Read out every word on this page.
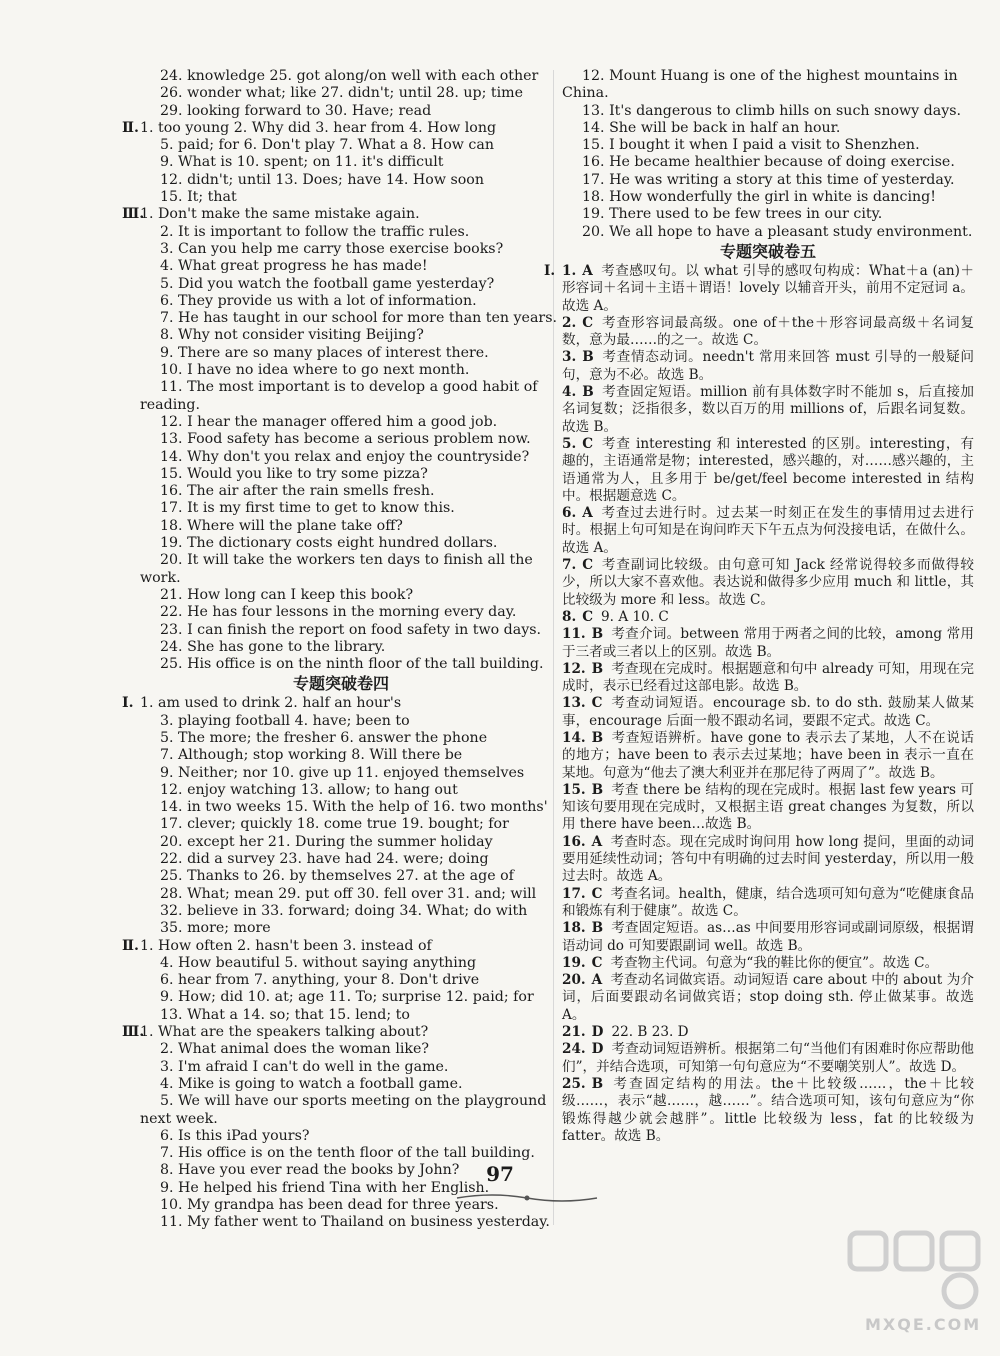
24. knowledge 25. got along/on well with each other
26. wonder what; like 27. didn't; until 28. up; time
29. looking forward to 30. Have; read
Ⅱ.1. too young 2. Why did 3. hear from 4. How long
5. paid; for 6. Don't play 7. What a 8. How can
9. What is 10. spent; on 11. it's difficult
12. didn't; until 13. Does; have 14. How soon
15. It; that
Ⅲ.1. Don't make the same mistake again.
2. It is important to follow the traffic rules.
3. Can you help me carry those exercise books?
4. What great progress he has made!
5. Did you watch the football game yesterday?
6. They provide us with a lot of information.
7. He has taught in our school for more than ten years.
8. Why not consider visiting Beijing?
9. There are so many places of interest there.
10. I have no idea where to go next month.
11. The most important is to develop a good habit of
reading.
12. I hear the manager offered him a good job.
13. Food safety has become a serious problem now.
14. Why don't you relax and enjoy the countryside?
15. Would you like to try some pizza?
16. The air after the rain smells fresh.
17. It is my first time to get to know this.
18. Where will the plane take off?
19. The dictionary costs eight hundred dollars.
20. It will take the workers ten days to finish all the
work.
21. How long can I keep this book?
22. He has four lessons in the morning every day.
23. I can finish the report on food safety in two days.
24. She has gone to the library.
25. His office is on the ninth floor of the tall building.
专题突破卷四
Ⅰ. 1. am used to drink 2. half an hour's
3. playing football 4. have; been to
5. The more; the fresher 6. answer the phone
7. Although; stop working 8. Will there be
9. Neither; nor 10. give up 11. enjoyed themselves
12. enjoy watching 13. allow; to hang out
14. in two weeks 15. With the help of 16. two months'
17. clever; quickly 18. come true 19. bought; for
20. except her 21. During the summer holiday
22. did a survey 23. have had 24. were; doing
25. Thanks to 26. by themselves 27. at the age of
28. What; mean 29. put off 30. fell over 31. and; will
32. believe in 33. forward; doing 34. What; do with
35. more; more
Ⅱ.1. How often 2. hasn't been 3. instead of
4. How beautiful 5. without saying anything
6. hear from 7. anything, your 8. Don't drive
9. How; did 10. at; age 11. To; surprise 12. paid; for
13. What a 14. so; that 15. lend; to
Ⅲ.1. What are the speakers talking about?
2. What animal does the woman like?
3. I'm afraid I can't do well in the game.
4. Mike is going to watch a football game.
5. We will have our sports meeting on the playground
next week.
6. Is this iPad yours?
7. His office is on the tenth floor of the tall building.
8. Have you ever read the books by John?
9. He helped his friend Tina with her English.
10. My grandpa has been dead for three years.
11. My father went to Thailand on business yesterday.
12. Mount Huang is one of the highest mountains in
China.
13. It's dangerous to climb hills on such snowy days.
14. She will be back in half an hour.
15. I bought it when I paid a visit to Shenzhen.
16. He became healthier because of doing exercise.
17. He was writing a story at this time of yesterday.
18. How wonderfully the girl in white is dancing!
19. There used to be few trees in our city.
20. We all hope to have a pleasant study environment.
专题突破卷五
Ⅰ. 1. A 考查感叹句。以 what 引导的感叹句构成：What＋a (an)＋形容词＋名词＋主语＋谓语！lovely 以辅音开头，前用不定冠词 a。故选 A。
2. C 考查形容词最高级。one of＋the＋形容词最高级＋名词复数，意为最……的之一。故选 C。
3. B 考查情态动词。needn't 常用来回答 must 引导的一般疑问句，意为不必。故选 B。
4. B 考查固定短语。million 前有具体数字时不能加 s，后直接加名词复数；泛指很多，数以百万的用 millions of，后跟名词复数。故选 B。
5. C 考查 interesting 和 interested 的区别。interesting，有趣的，主语通常是物；interested，感兴趣的，对……感兴趣的，主语通常为人，且多用于 be/get/feel become interested in 结构中。根据题意选 C。
6. A 考查过去进行时。过去某一时刻正在发生的事情用过去进行时。根据上句可知是在询问昨天下午五点为何没接电话，在做什么。故选 A。
7. C 考查副词比较级。由句意可知 Jack 经常说得较多而做得较少，所以大家不喜欢他。表达说和做得多少应用 much 和 little，其比较级为 more 和 less。故选 C。
8. C 9. A 10. C
11. B 考查介词。between 常用于两者之间的比较，among 常用于三者或三者以上的区别。故选 B。
12. B 考查现在完成时。根据题意和句中 already 可知，用现在完成时，表示已经看过这部电影。故选 B。
13. C 考查动词短语。encourage sb. to do sth. 鼓励某人做某事，encourage 后面一般不跟动名词，要跟不定式。故选 C。
14. B 考查短语辨析。have gone to 表示去了某地，人不在说话的地方；have been to 表示去过某地；have been in 表示一直在某地。句意为“他去了澳大利亚并在那尼待了两周了”。故选 B。
15. B 考查 there be 结构的现在完成时。根据 last few years 可知该句要用现在完成时，又根据主语 great changes 为复数，所以用 there have been…故选 B。
16. A 考查时态。现在完成时询问用 how long 提问，里面的动词要用延续性动词；答句中有明确的过去时间 yesterday，所以用一般过去时。故选 A。
17. C 考查名词。health，健康，结合选项可知句意为“吃健康食品和锻炼有利于健康”。故选 C。
18. B 考查固定短语。as…as 中间要用形容词或副词原级，根据谓语动词 do 可知要跟副词 well。故选 B。
19. C 考查物主代词。句意为“我的鞋比你的便宜”。故选 C。
20. A 考查动名词做宾语。动词短语 care about 中的 about 为介词，后面要跟动名词做宾语；stop doing sth. 停止做某事。故选 A。
21. D 22. B 23. D
24. D 考查动词短语辨析。根据第二句“当他们有困难时你应帮助他们”，并结合选项，可知第一句句意应为“不要嘲笑别人”。故选 D。
25. B 考查固定结构的用法。the＋比较级……，the＋比较级……，表示“越……，越……”。结合选项可知，该句句意应为“你锻炼得越少就会越胖”。little 比较级为 less，fat 的比较级为 fatter。故选 B。
97
MXQE.COM
